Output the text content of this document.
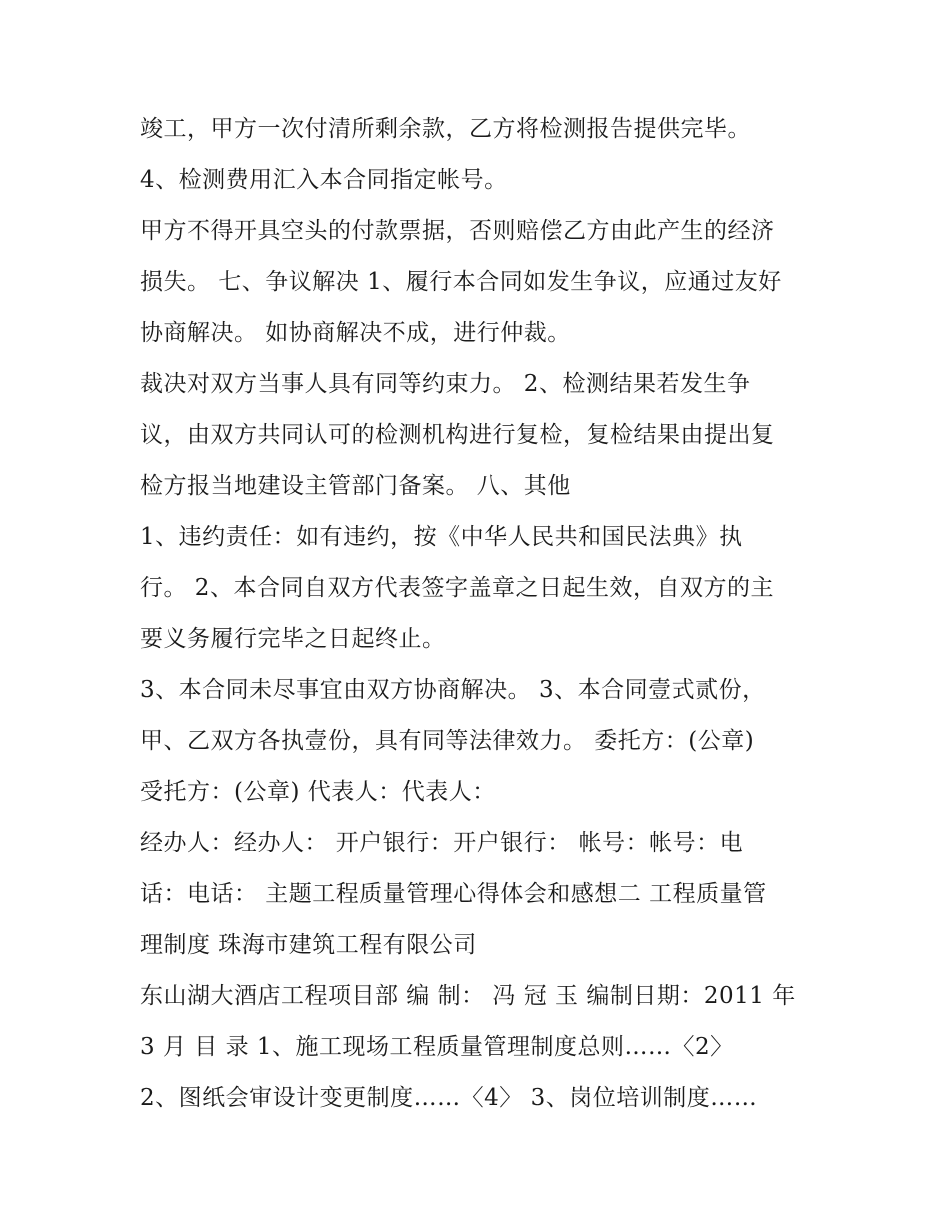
竣工，甲方一次付清所剩余款，乙方将检测报告提供完毕。
4、检测费用汇入本合同指定帐号。
甲方不得开具空头的付款票据，否则赔偿乙方由此产生的经济
损失。 七、争议解决 1、履行本合同如发生争议，应通过友好
协商解决。 如协商解决不成，进行仲裁。
裁决对双方当事人具有同等约束力。 2、检测结果若发生争
议，由双方共同认可的检测机构进行复检，复检结果由提出复
检方报当地建设主管部门备案。 八、其他
1、违约责任：如有违约，按《中华人民共和国民法典》执
行。 2、本合同自双方代表签字盖章之日起生效，自双方的主
要义务履行完毕之日起终止。
3、本合同未尽事宜由双方协商解决。 3、本合同壹式贰份，
甲、乙双方各执壹份，具有同等法律效力。 委托方：(公章)
受托方：(公章) 代表人：代表人：
经办人：经办人： 开户银行：开户银行： 帐号：帐号：电
话：电话： 主题工程质量管理心得体会和感想二 工程质量管
理制度 珠海市建筑工程有限公司
东山湖大酒店工程项目部 编 制： 冯 冠 玉 编制日期：2011 年
3 月 目 录 1、施工现场工程质量管理制度总则……〈2〉
2、图纸会审设计变更制度……〈4〉 3、岗位培训制度……
